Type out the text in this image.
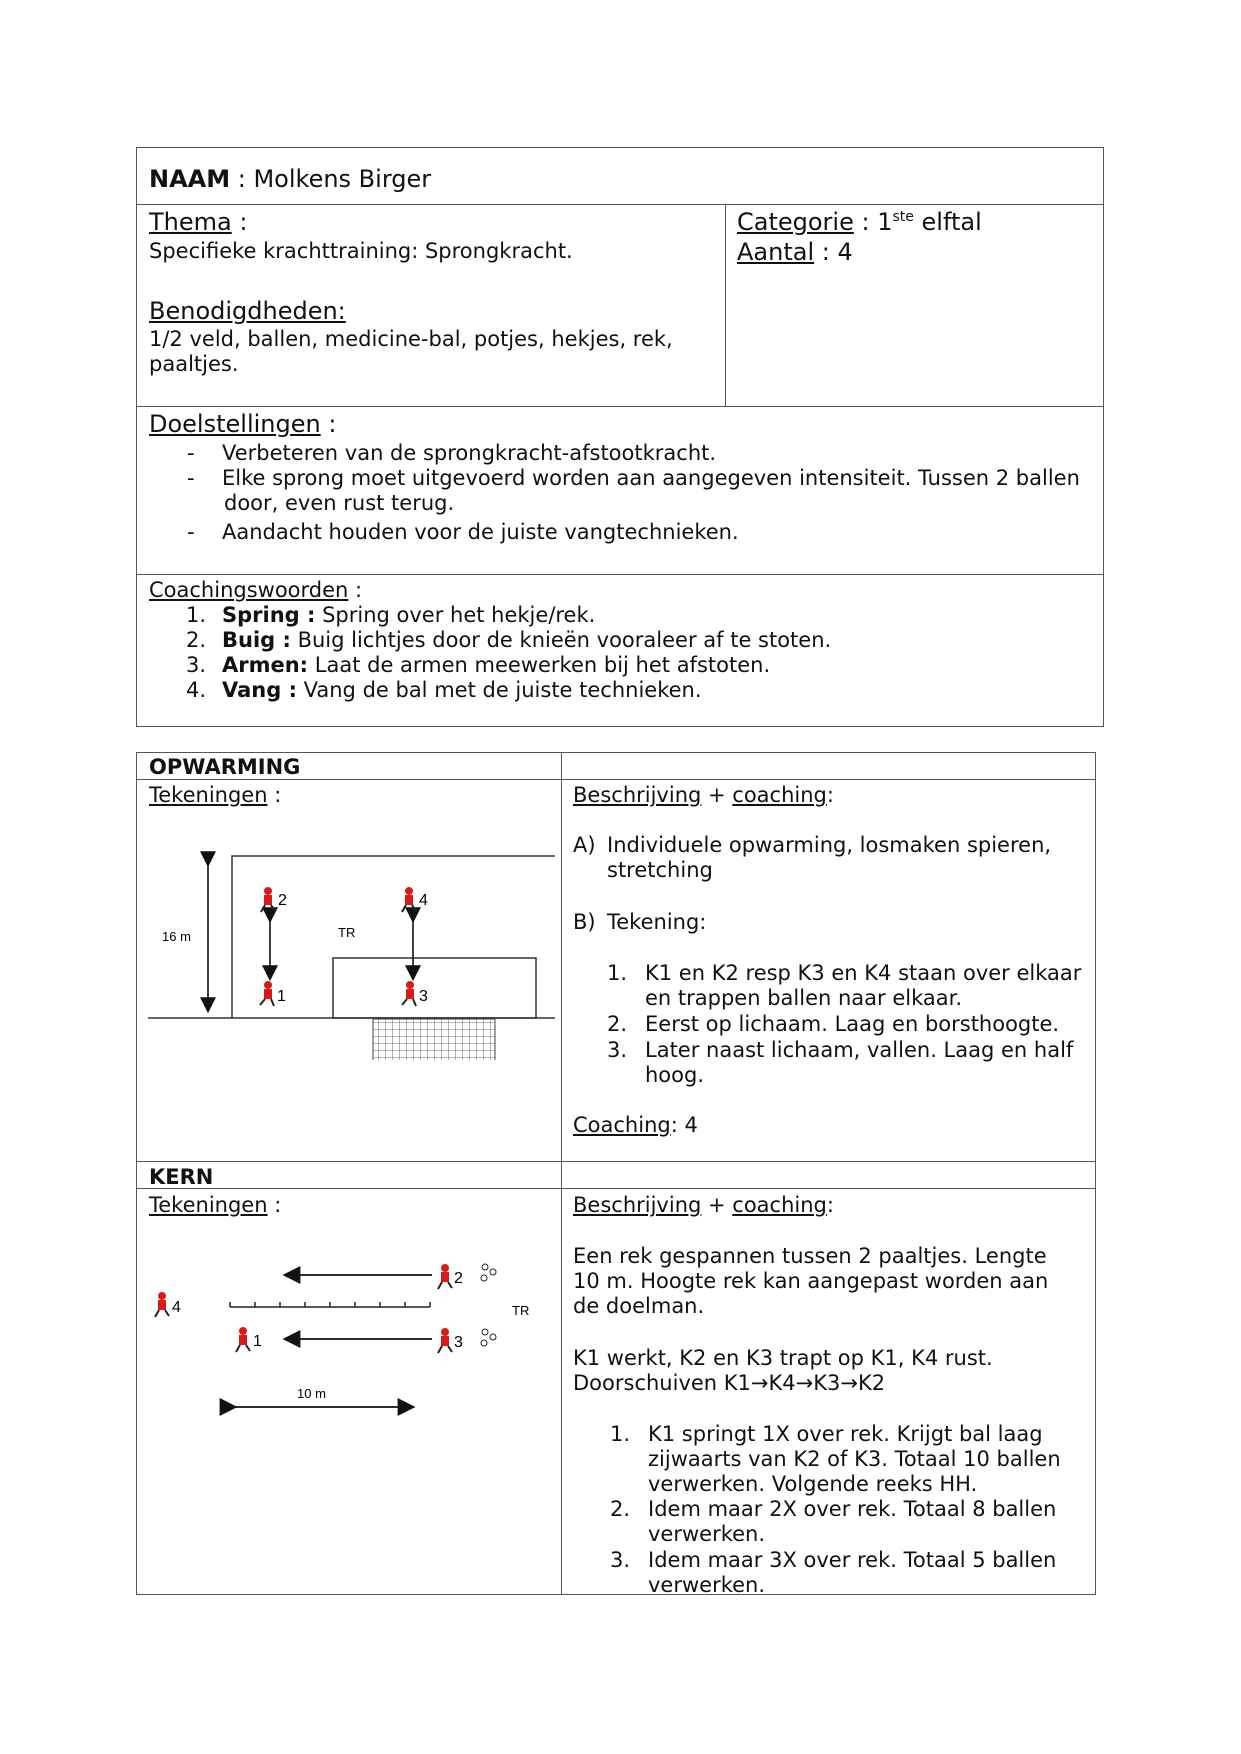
NAAM : Molkens Birger
Thema :
Specifieke krachttraining: Sprongkracht.
Benodigdheden:
1/2 veld, ballen, medicine-bal, potjes, hekjes, rek,
paaltjes.
Categorie : 1ste elftal
Aantal : 4
Doelstellingen :
- Verbeteren van de sprongkracht-afstootkracht.
- Elke sprong moet uitgevoerd worden aan aangegeven intensiteit. Tussen 2 ballen
door, even rust terug.
- Aandacht houden voor de juiste vangtechnieken.
Coachingswoorden :
1. Spring : Spring over het hekje/rek.
2. Buig : Buig lichtjes door de knieën vooraleer af te stoten.
3. Armen: Laat de armen meewerken bij het afstoten.
4. Vang : Vang de bal met de juiste technieken.
OPWARMING
Tekeningen :	Beschrijving + coaching:
A) Individuele opwarming, losmaken spieren,
stretching
B) Tekening:
1. K1 en K2 resp K3 en K4 staan over elkaar
en trappen ballen naar elkaar.
2. Eerst op lichaam. Laag en borsthoogte.
3. Later naast lichaam, vallen. Laag en half
hoog.
Coaching: 4
16 m	TR
2	4
1	3
KERN
Tekeningen :	Beschrijving + coaching:
Een rek gespannen tussen 2 paaltjes. Lengte
10 m. Hoogte rek kan aangepast worden aan
de doelman.
K1 werkt, K2 en K3 trapt op K1, K4 rust.
Doorschuiven K1→K4→K3→K2
1. K1 springt 1X over rek. Krijgt bal laag
zijwaarts van K2 of K3. Totaal 10 ballen
verwerken. Volgende reeks HH.
2. Idem maar 2X over rek. Totaal 8 ballen
verwerken.
3. Idem maar 3X over rek. Totaal 5 ballen
verwerken.
TR
10 m
4
2
1	3
